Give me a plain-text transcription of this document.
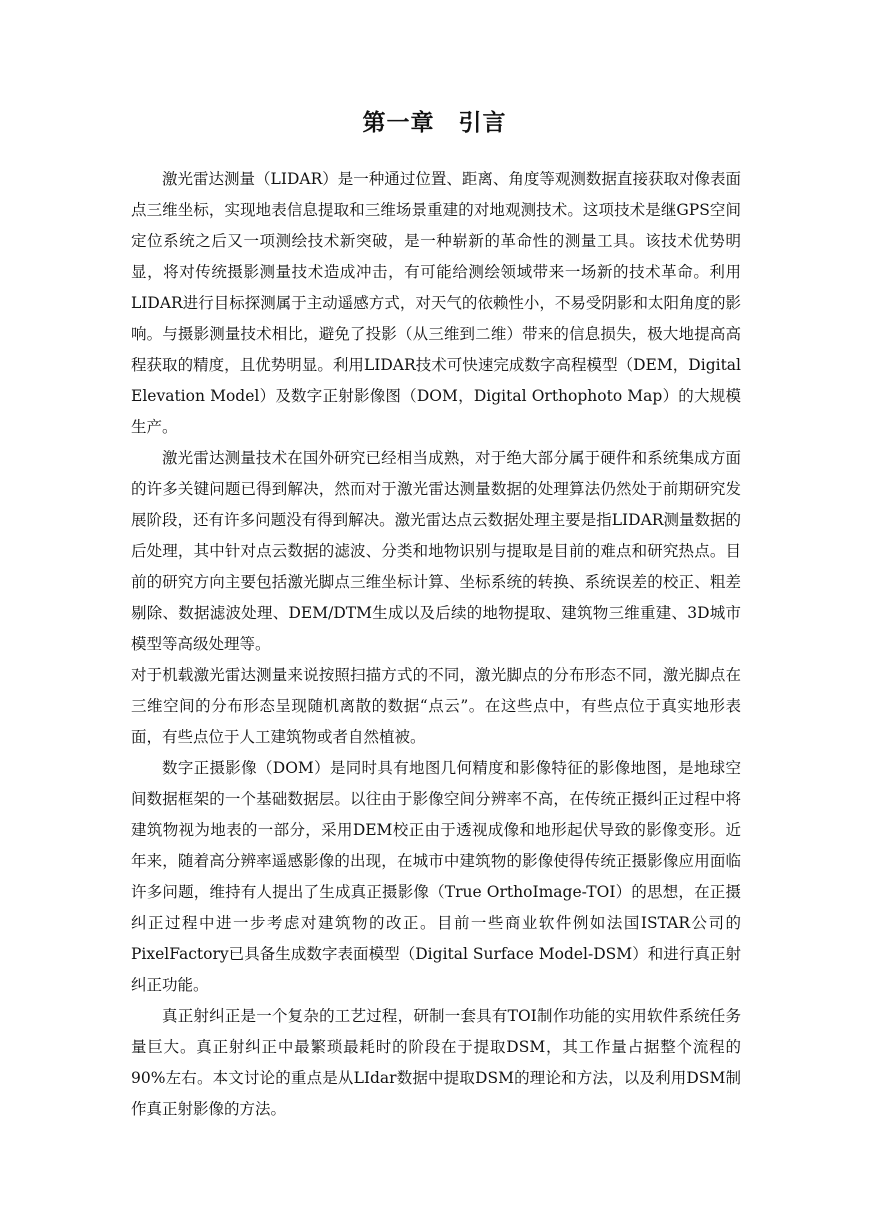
第一章　引言

激光雷达测量（LIDAR）是一种通过位置、距离、角度等观测数据直接获取对像表面点三维坐标，实现地表信息提取和三维场景重建的对地观测技术。这项技术是继GPS空间定位系统之后又一项测绘技术新突破，是一种崭新的革命性的测量工具。该技术优势明显，将对传统摄影测量技术造成冲击，有可能给测绘领域带来一场新的技术革命。利用LIDAR进行目标探测属于主动遥感方式，对天气的依赖性小，不易受阴影和太阳角度的影响。与摄影测量技术相比，避免了投影（从三维到二维）带来的信息损失，极大地提高高程获取的精度，且优势明显。利用LIDAR技术可快速完成数字高程模型（DEM，Digital Elevation Model）及数字正射影像图（DOM，Digital Orthophoto Map）的大规模生产。

激光雷达测量技术在国外研究已经相当成熟，对于绝大部分属于硬件和系统集成方面的许多关键问题已得到解决，然而对于激光雷达测量数据的处理算法仍然处于前期研究发展阶段，还有许多问题没有得到解决。激光雷达点云数据处理主要是指LIDAR测量数据的后处理，其中针对点云数据的滤波、分类和地物识别与提取是目前的难点和研究热点。目前的研究方向主要包括激光脚点三维坐标计算、坐标系统的转换、系统误差的校正、粗差剔除、数据滤波处理、DEM/DTM生成以及后续的地物提取、建筑物三维重建、3D城市模型等高级处理等。

对于机载激光雷达测量来说按照扫描方式的不同，激光脚点的分布形态不同，激光脚点在三维空间的分布形态呈现随机离散的数据“点云”。在这些点中，有些点位于真实地形表面，有些点位于人工建筑物或者自然植被。

数字正摄影像（DOM）是同时具有地图几何精度和影像特征的影像地图，是地球空间数据框架的一个基础数据层。以往由于影像空间分辨率不高，在传统正摄纠正过程中将建筑物视为地表的一部分，采用DEM校正由于透视成像和地形起伏导致的影像变形。近年来，随着高分辨率遥感影像的出现，在城市中建筑物的影像使得传统正摄影像应用面临许多问题，维持有人提出了生成真正摄影像（True OrthoImage-TOI）的思想，在正摄纠正过程中进一步考虑对建筑物的改正。目前一些商业软件例如法国ISTAR公司的PixelFactory已具备生成数字表面模型（Digital Surface Model-DSM）和进行真正射纠正功能。

真正射纠正是一个复杂的工艺过程，研制一套具有TOI制作功能的实用软件系统任务量巨大。真正射纠正中最繁琐最耗时的阶段在于提取DSM，其工作量占据整个流程的90%左右。本文讨论的重点是从LIdar数据中提取DSM的理论和方法，以及利用DSM制作真正射影像的方法。
